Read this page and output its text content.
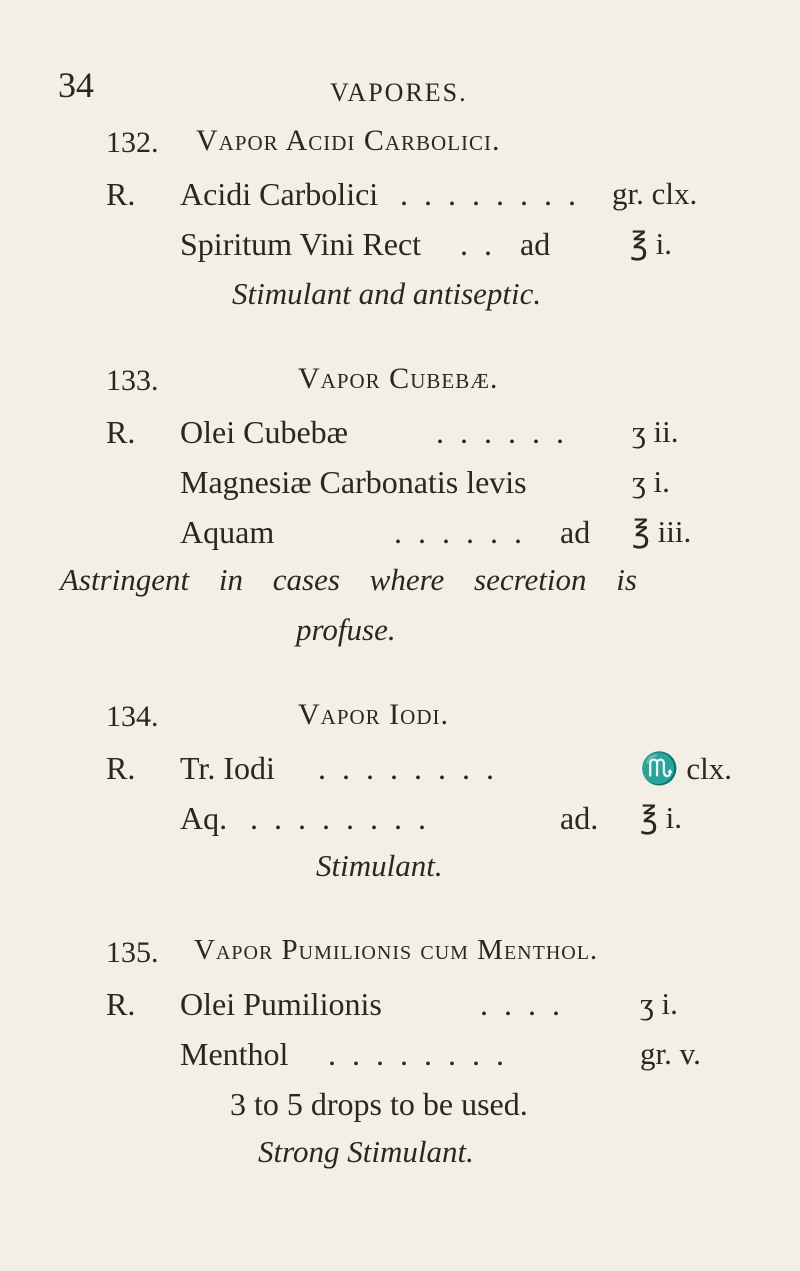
34	VAPORES.
132. Vapor Acidi Carbolici.
R. Acidi Carbolici . . . . . . . . gr. clx.
Spiritum Vini Rect . . ad	℥ i.
Stimulant and antiseptic.
133.	Vapor Cubebæ.
R. Olei Cubebæ	. . . . . . ʒ ii.
Magnesiæ Carbonatis levis	ʒ i.
Aquam	. . . . . . ad ℥ iii.
Astringent in cases where secretion is
profuse.
134.	Vapor Iodi.
R. Tr. Iodi . . . . . . . .	♏ clx.
Aq. . . . . . . . .	ad. ℥ i.
Stimulant.
135. Vapor Pumilionis cum Menthol.
R. Olei Pumilionis	. . . . ʒ i.
Menthol . . . . . . . .	gr. v.
3 to 5 drops to be used.
Strong Stimulant.
